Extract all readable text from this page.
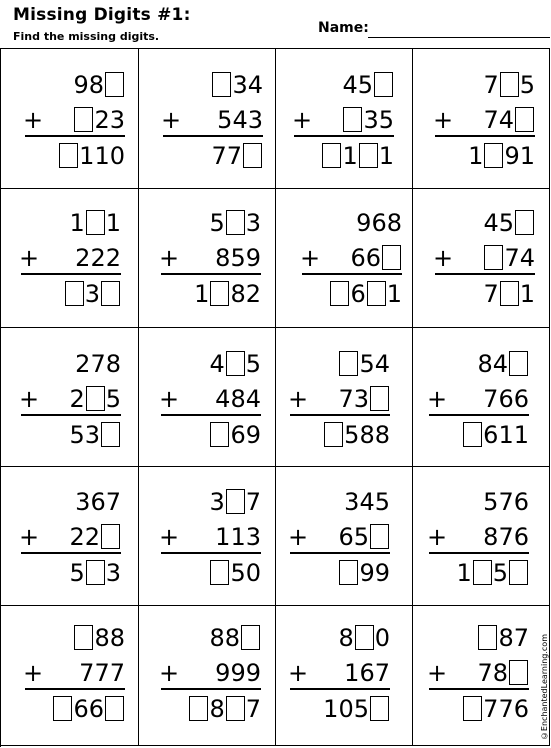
Missing Digits #1:
Find the missing digits.
Name:
9 8
+ 2 3
1 1 0
3 4
+ 5 4 3
7 7
4 5
+ 3 5
1 1
7 5
+ 7 4
1 9 1
1 1
+ 2 2 2
3
5 3
+ 8 5 9
1 8 2
9 6 8
+ 6 6
6 1
4 5
+ 7 4
7 1
2 7 8
+ 2 5
5 3
4 5
+ 4 8 4
6 9
5 4
+ 7 3
5 8 8
8 4
+ 7 6 6
6 1 1
3 6 7
+ 2 2
5 3
3 7
+ 1 1 3
5 0
3 4 5
+ 6 5
9 9
5 7 6
+ 8 7 6
1 5
8 8
+ 7 7 7
6 6
8 8
+ 9 9 9
8 7
8 0
+ 1 6 7
1 0 5
8 7
+ 7 8
7 7 6 ©EnchantedLearning.com
